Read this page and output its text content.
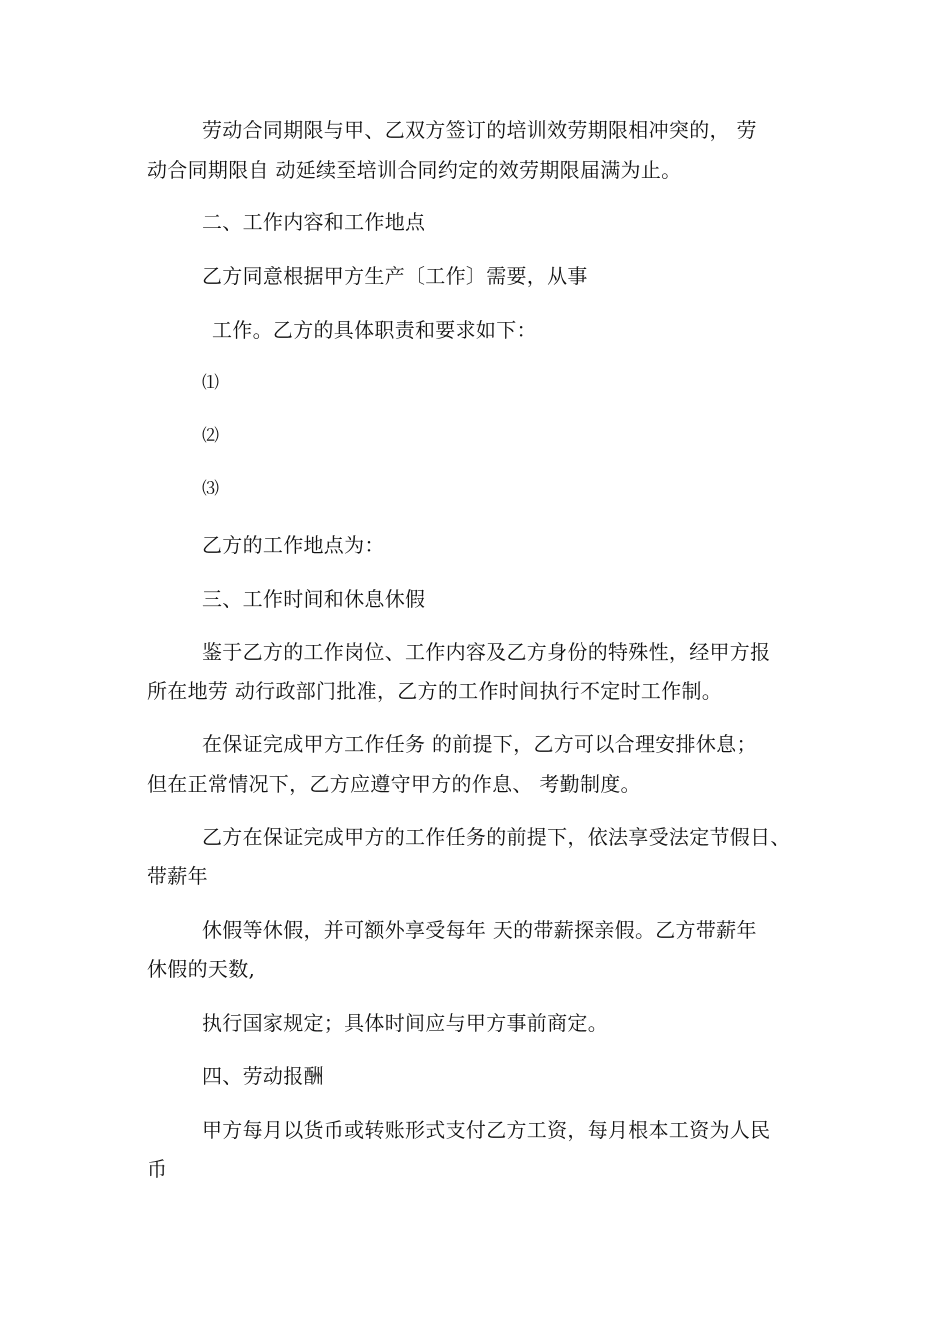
劳动合同期限与甲、乙双方签订的培训效劳期限相冲突的， 劳

动合同期限自 动延续至培训合同约定的效劳期限届满为止。

二、工作内容和工作地点

乙方同意根据甲方生产〔工作〕需要，从事

工作。乙方的具体职责和要求如下：

⑴

⑵

⑶

乙方的工作地点为：

三、工作时间和休息休假

鉴于乙方的工作岗位、工作内容及乙方身份的特殊性，经甲方报

所在地劳 动行政部门批准，乙方的工作时间执行不定时工作制。

在保证完成甲方工作任务 的前提下，乙方可以合理安排休息；

但在正常情况下，乙方应遵守甲方的作息、 考勤制度。

乙方在保证完成甲方的工作任务的前提下，依法享受法定节假日、

带薪年

休假等休假，并可额外享受每年 天的带薪探亲假。乙方带薪年

休假的天数,

执行国家规定；具体时间应与甲方事前商定。

四、劳动报酬

甲方每月以货币或转账形式支付乙方工资，每月根本工资为人民

币
